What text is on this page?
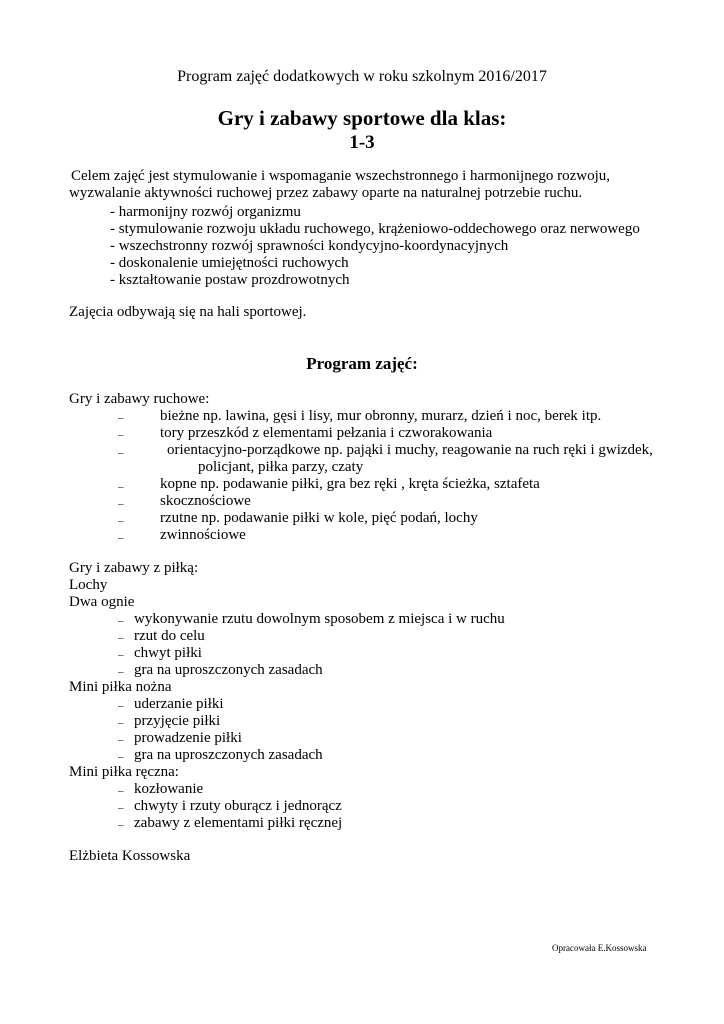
Program zajęć dodatkowych w roku szkolnym 2016/2017
Gry i zabawy sportowe dla klas:
1-3
Celem zajęć jest stymulowanie i wspomaganie wszechstronnego i harmonijnego rozwoju,
wyzwalanie aktywności ruchowej przez zabawy oparte na naturalnej potrzebie ruchu.
- harmonijny rozwój organizmu
- stymulowanie rozwoju układu ruchowego, krążeniowo-oddechowego oraz nerwowego
- wszechstronny rozwój sprawności kondycyjno-koordynacyjnych
- doskonalenie umiejętności ruchowych
- kształtowanie postaw prozdrowotnych
Zajęcia odbywają się na hali sportowej.
Program zajęć:
Gry i zabawy ruchowe:
– bieżne np. lawina, gęsi i lisy, mur obronny, murarz, dzień i noc, berek itp.
– tory przeszkód z elementami pełzania i czworakowania
–	orientacyjno-porządkowe np. pająki i muchy, reagowanie na ruch ręki i gwizdek,
policjant, piłka parzy, czaty
– kopne np. podawanie piłki, gra bez ręki , kręta ścieżka, sztafeta
– skocznościowe
– rzutne np. podawanie piłki w kole, pięć podań, lochy
– zwinnościowe
Gry i zabawy z piłką:
Lochy
Dwa ognie
– wykonywanie rzutu dowolnym sposobem z miejsca i w ruchu
– rzut do celu
– chwyt piłki
– gra na uproszczonych zasadach
Mini piłka nożna
– uderzanie piłki
– przyjęcie piłki
– prowadzenie piłki
– gra na uproszczonych zasadach
Mini piłka ręczna:
– kozłowanie
– chwyty i rzuty oburącz i jednorącz
– zabawy z elementami piłki ręcznej
Elżbieta Kossowska
Opracowała E.Kossowska
